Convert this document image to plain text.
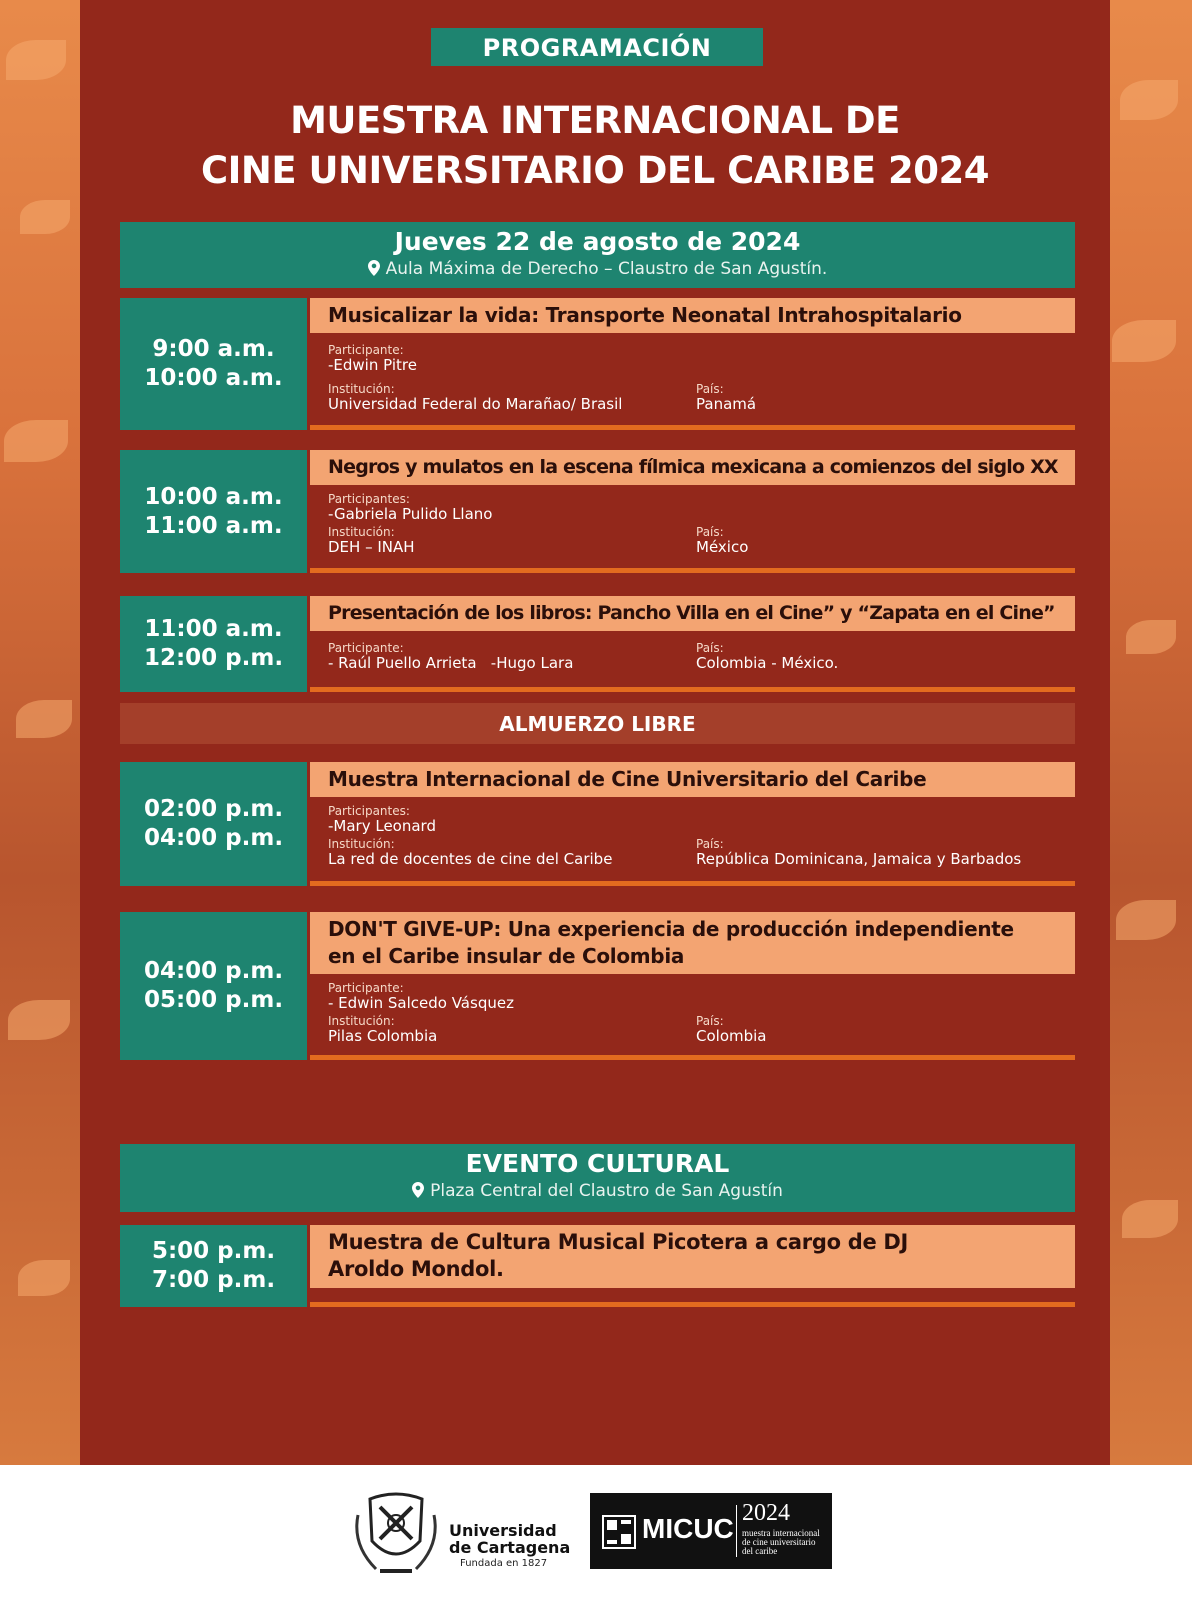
PROGRAMACIÓN
MUESTRA INTERNACIONAL DE
CINE UNIVERSITARIO DEL CARIBE 2024
Jueves 22 de agosto de 2024
Aula Máxima de Derecho – Claustro de San Agustín.
9:00 a.m.
10:00 a.m.
Musicalizar la vida: Transporte Neonatal Intrahospitalario
Participante:
-Edwin Pitre
Institución:
Universidad Federal do Marañao/ Brasil
País:
Panamá
10:00 a.m.
11:00 a.m.
Negros y mulatos en la escena fílmica mexicana a comienzos del siglo XX
Participantes:
-Gabriela Pulido Llano
Institución:
DEH – INAH
País:
México
11:00 a.m.
12:00 p.m.
Presentación de los libros: Pancho Villa en el Cine” y “Zapata en el Cine”
Participante:
- Raúl Puello Arrieta   -Hugo Lara
País:
Colombia - México.
ALMUERZO LIBRE
02:00 p.m.
04:00 p.m.
Muestra Internacional de Cine Universitario del Caribe
Participantes:
-Mary Leonard
Institución:
La red de docentes de cine del Caribe
País:
República Dominicana, Jamaica y Barbados
04:00 p.m.
05:00 p.m.
DON'T GIVE-UP: Una experiencia de producción independiente en el Caribe insular de Colombia
Participante:
- Edwin Salcedo Vásquez
Institución:
Pilas Colombia
País:
Colombia
EVENTO CULTURAL
Plaza Central del Claustro de San Agustín
5:00 p.m.
7:00 p.m.
Muestra de Cultura Musical Picotera a cargo de DJ Aroldo Mondol.
Universidad
de Cartagena
Fundada en 1827
MICUC 2024
muestra internacional de cine universitario del caribe
